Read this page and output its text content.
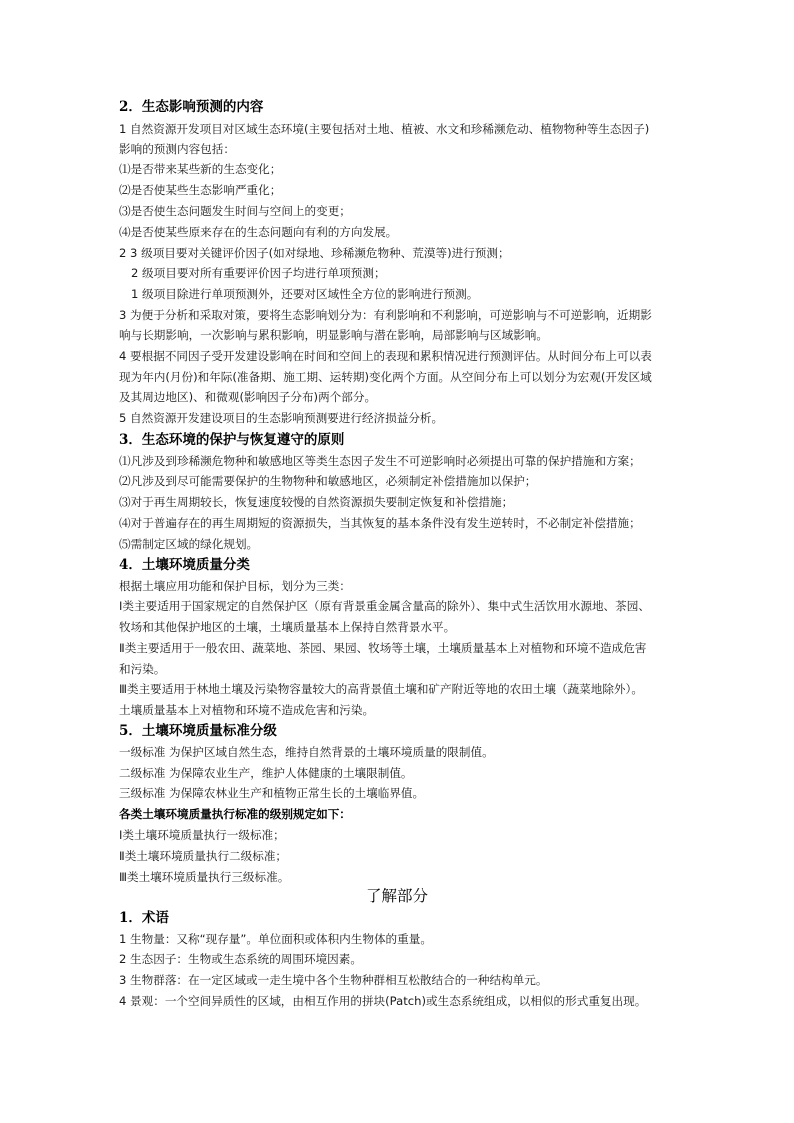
2．生态影响预测的内容
1 自然资源开发项目对区域生态环境(主要包括对土地、植被、水文和珍稀濒危动、植物物种等生态因子)
影响的预测内容包括：
⑴是否带来某些新的生态变化；
⑵是否使某些生态影响严重化；
⑶是否使生态问题发生时间与空间上的变更；
⑷是否使某些原来存在的生态问题向有利的方向发展。
2 3 级项目要对关键评价因子(如对绿地、珍稀濒危物种、荒漠等)进行预测；
2 级项目要对所有重要评价因子均进行单项预测；
1 级项目除进行单项预测外，还要对区域性全方位的影响进行预测。
3 为便于分析和采取对策，要将生态影响划分为：有利影响和不利影响，可逆影响与不可逆影响，近期影
响与长期影响，一次影响与累积影响，明显影响与潜在影响，局部影响与区域影响。
4 要根据不同因子受开发建设影响在时间和空间上的表现和累积情况进行预测评估。从时间分布上可以表
现为年内(月份)和年际(准备期、施工期、运转期)变化两个方面。从空间分布上可以划分为宏观(开发区域
及其周边地区)、和微观(影响因子分布)两个部分。
5 自然资源开发建设项目的生态影响预测要进行经济损益分析。
3．生态环境的保护与恢复遵守的原则
⑴凡涉及到珍稀濒危物种和敏感地区等类生态因子发生不可逆影响时必须提出可靠的保护措施和方案；
⑵凡涉及到尽可能需要保护的生物物种和敏感地区，必须制定补偿措施加以保护；
⑶对于再生周期较长，恢复速度较慢的自然资源损失要制定恢复和补偿措施；
⑷对于普遍存在的再生周期短的资源损失，当其恢复的基本条件没有发生逆转时，不必制定补偿措施；
⑸需制定区域的绿化规划。
4．土壤环境质量分类
根据土壤应用功能和保护目标，划分为三类：
Ⅰ类主要适用于国家规定的自然保护区（原有背景重金属含量高的除外）、集中式生活饮用水源地、茶园、
牧场和其他保护地区的土壤，土壤质量基本上保持自然背景水平。
Ⅱ类主要适用于一般农田、蔬菜地、茶园、果园、牧场等土壤，土壤质量基本上对植物和环境不造成危害
和污染。
Ⅲ类主要适用于林地土壤及污染物容量较大的高背景值土壤和矿产附近等地的农田土壤（蔬菜地除外）。
土壤质量基本上对植物和环境不造成危害和污染。
5．土壤环境质量标准分级
一级标准 为保护区域自然生态，维持自然背景的土壤环境质量的限制值。
二级标准 为保障农业生产，维护人体健康的土壤限制值。
三级标准 为保障农林业生产和植物正常生长的土壤临界值。
各类土壤环境质量执行标准的级别规定如下：
Ⅰ类土壤环境质量执行一级标准；
Ⅱ类土壤环境质量执行二级标准；
Ⅲ类土壤环境质量执行三级标准。
了解部分
1．术语
1 生物量：又称“现存量”。单位面积或体积内生物体的重量。
2 生态因子：生物或生态系统的周围环境因素。
3 生物群落：在一定区域或一走生境中各个生物种群相互松散结合的一种结构单元。
4 景观：一个空间异质性的区域，由相互作用的拼块(Patch)或生态系统组成，以相似的形式重复出现。
